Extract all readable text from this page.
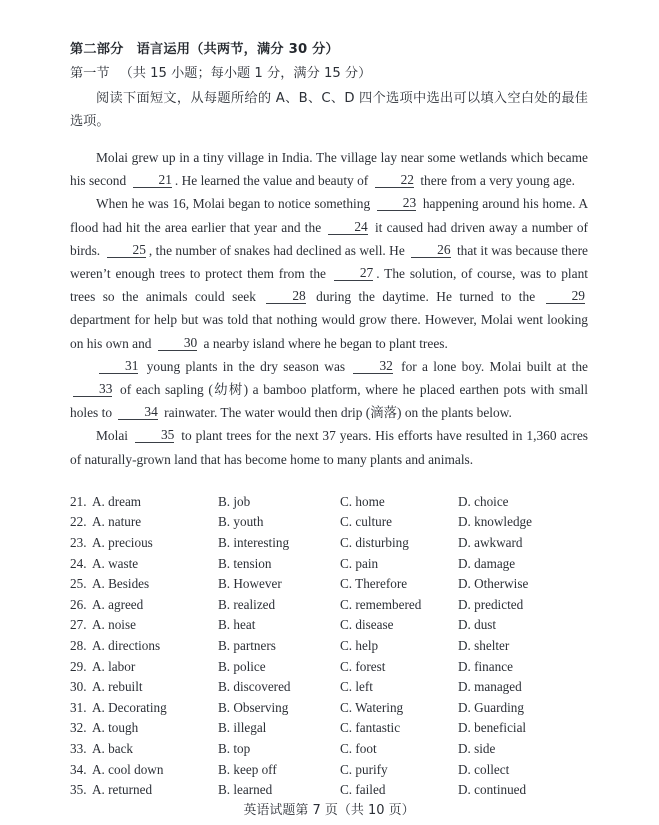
第二部分 语言运用（共两节，满分 30 分）
第一节 （共 15 小题；每小题 1 分，满分 15 分）
阅读下面短文，从每题所给的 A、B、C、D 四个选项中选出可以填入空白处的最佳选项。

Molai grew up in a tiny village in India. The village lay near some wetlands which became his second 21 . He learned the value and beauty of 22 there from a very young age.

When he was 16, Molai began to notice something 23 happening around his home. A flood had hit the area earlier that year and the 24 it caused had driven away a number of birds. 25 , the number of snakes had declined as well. He 26 that it was because there weren’t enough trees to protect them from the 27 . The solution, of course, was to plant trees so the animals could seek 28 during the daytime. He turned to the 29 department for help but was told that nothing would grow there. However, Molai went looking on his own and 30 a nearby island where he began to plant trees.

31 young plants in the dry season was 32 for a lone boy. Molai built at the 33 of each sapling (幼树) a bamboo platform, where he placed earthen pots with small holes to 34 rainwater. The water would then drip (滴落) on the plants below.

Molai 35 to plant trees for the next 37 years. His efforts have resulted in 1,360 acres of naturally-grown land that has become home to many plants and animals.

21. A. dream	B. job	C. home	D. choice
22. A. nature	B. youth	C. culture	D. knowledge
23. A. precious	B. interesting	C. disturbing	D. awkward
24. A. waste	B. tension	C. pain	D. damage
25. A. Besides	B. However	C. Therefore	D. Otherwise
26. A. agreed	B. realized	C. remembered	D. predicted
27. A. noise	B. heat	C. disease	D. dust
28. A. directions	B. partners	C. help	D. shelter
29. A. labor	B. police	C. forest	D. finance
30. A. rebuilt	B. discovered	C. left	D. managed
31. A. Decorating	B. Observing	C. Watering	D. Guarding
32. A. tough	B. illegal	C. fantastic	D. beneficial
33. A. back	B. top	C. foot	D. side
34. A. cool down	B. keep off	C. purify	D. collect
35. A. returned	B. learned	C. failed	D. continued
英语试题第 7 页（共 10 页）
